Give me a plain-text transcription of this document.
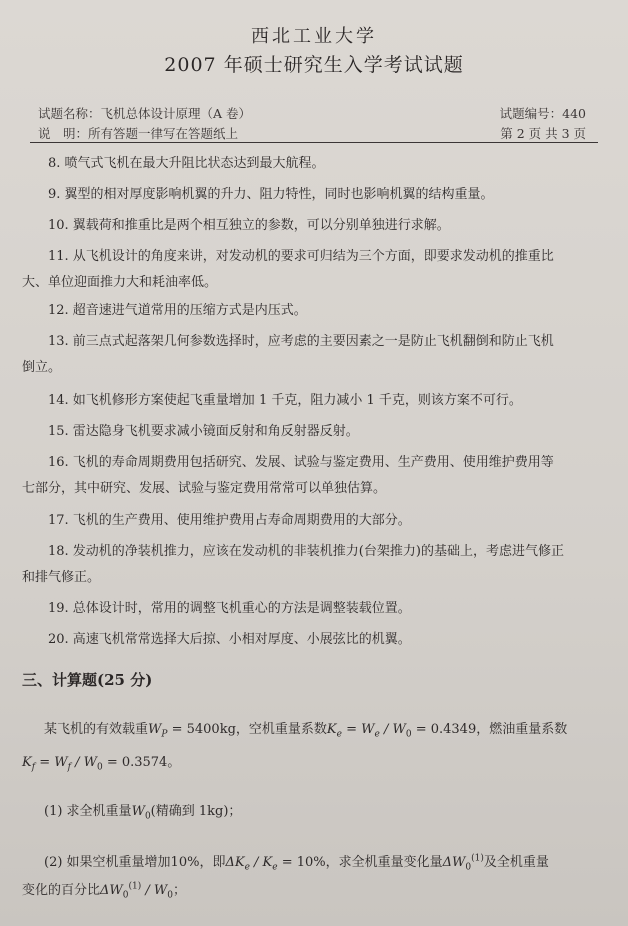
西北工业大学
2007 年硕士研究生入学考试试题
试题名称：飞机总体设计原理（A 卷）	试题编号：440
说　明：所有答题一律写在答题纸上	第 2 页 共 3 页
8. 喷气式飞机在最大升阻比状态达到最大航程。
9. 翼型的相对厚度影响机翼的升力、阻力特性，同时也影响机翼的结构重量。
10. 翼载荷和推重比是两个相互独立的参数，可以分别单独进行求解。
11. 从飞机设计的角度来讲，对发动机的要求可归结为三个方面，即要求发动机的推重比
大、单位迎面推力大和耗油率低。
12. 超音速进气道常用的压缩方式是内压式。
13. 前三点式起落架几何参数选择时，应考虑的主要因素之一是防止飞机翻倒和防止飞机
倒立。
14. 如飞机修形方案使起飞重量增加 1 千克，阻力减小 1 千克，则该方案不可行。
15. 雷达隐身飞机要求减小镜面反射和角反射器反射。
16. 飞机的寿命周期费用包括研究、发展、试验与鉴定费用、生产费用、使用维护费用等
七部分，其中研究、发展、试验与鉴定费用常常可以单独估算。
17. 飞机的生产费用、使用维护费用占寿命周期费用的大部分。
18. 发动机的净装机推力，应该在发动机的非装机推力(台架推力)的基础上，考虑进气修正
和排气修正。
19. 总体设计时，常用的调整飞机重心的方法是调整装载位置。
20. 高速飞机常常选择大后掠、小相对厚度、小展弦比的机翼。
三、计算题(25 分)
某飞机的有效载重$W_P = 5400kg$，空机重量系数$K_e = W_e / W_0 = 0.4349$，燃油重量系数
$K_f = W_f / W_0 = 0.3574$。
(1) 求全机重量$W_0$(精确到 1kg)；
(2) 如果空机重量增加10%，即$\Delta K_e / K_e = 10\%$，求全机重量变化量$\Delta W_0^{(1)}$及全机重量
变化的百分比$\Delta W_0^{(1)} / W_0$；
